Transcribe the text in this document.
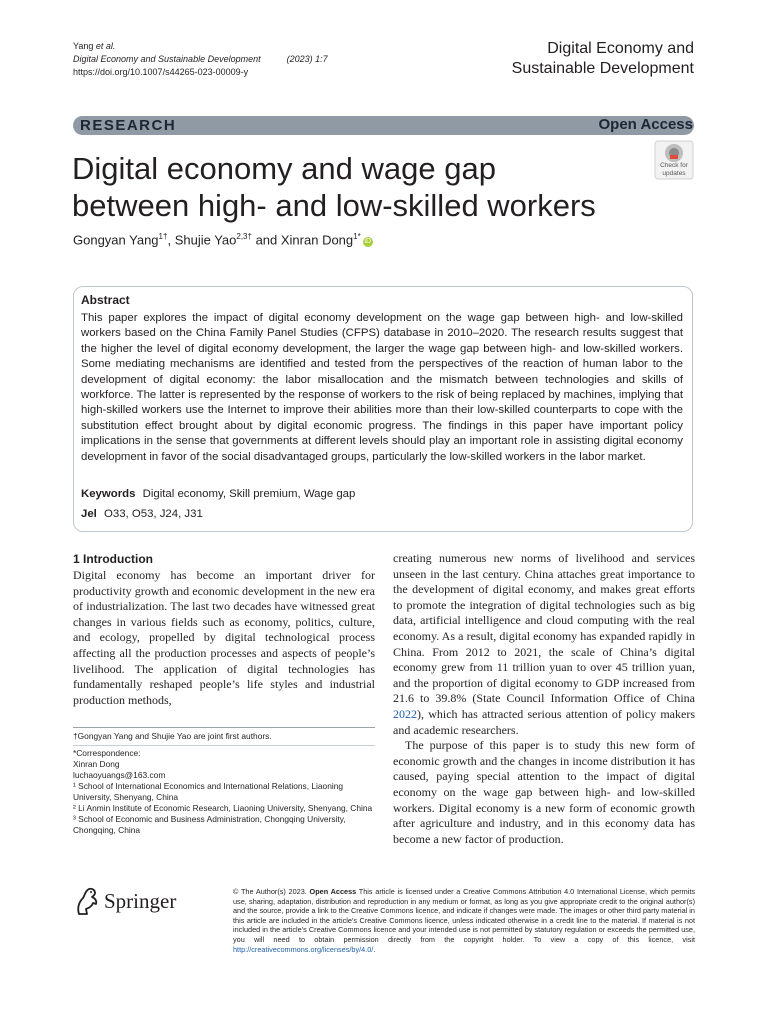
Yang et al.
Digital Economy and Sustainable Development	(2023) 1:7
https://doi.org/10.1007/s44265-023-00009-y
Digital Economy and
Sustainable Development
RESEARCH	Open Access
Digital economy and wage gap
between high- and low-skilled workers
Check for
updates
Gongyan Yang$^{1\dagger}$, Shujie Yao$^{2,3\dagger}$ and Xinran Dong$^{1*}$iD
Abstract
This paper explores the impact of digital economy development on the wage gap between high- and low-skilled workers based on the China Family Panel Studies (CFPS) database in 2010–2020. The research results suggest that the higher the level of digital economy development, the larger the wage gap between high- and low-skilled workers. Some mediating mechanisms are identified and tested from the perspectives of the reaction of human labor to the development of digital economy: the labor misallocation and the mismatch between technologies and skills of workforce. The latter is represented by the response of workers to the risk of being replaced by machines, implying that high-skilled workers use the Internet to improve their abilities more than their low-skilled counterparts to cope with the substitution effect brought about by digital economic progress. The findings in this paper have important policy implications in the sense that governments at different levels should play an important role in assisting digital economy development in favor of the social disadvantaged groups, particularly the low-skilled workers in the labor market.
Keywords Digital economy, Skill premium, Wage gap
Jel O33, O53, J24, J31
1 Introduction

Digital economy has become an important driver for productivity growth and economic development in the new era of industrialization. The last two decades have witnessed great changes in various fields such as economy, politics, culture, and ecology, propelled by digital technological process affecting all the production processes and aspects of people’s livelihood. The application of digital technologies has fundamentally reshaped people’s life styles and industrial production methods,

creating numerous new norms of livelihood and services unseen in the last century. China attaches great importance to the development of digital economy, and makes great efforts to promote the integration of digital technologies such as big data, artificial intelligence and cloud computing with the real economy. As a result, digital economy has expanded rapidly in China. From 2012 to 2021, the scale of China’s digital economy grew from 11 trillion yuan to over 45 trillion yuan, and the proportion of digital economy to GDP increased from 21.6 to 39.8% (State Council Information Office of China 2022), which has attracted serious attention of policy makers and academic researchers.

The purpose of this paper is to study this new form of economic growth and the changes in income distribution it has caused, paying special attention to the impact of digital economy on the wage gap between high- and low-skilled workers. Digital economy is a new form of economic growth after agriculture and industry, and in this economy data has become a new factor of production.

†Gongyan Yang and Shujie Yao are joint first authors.
*Correspondence:
Xinran Dong
luchaoyuangs@163.com
¹ School of International Economics and International Relations, Liaoning University, Shenyang, China
² Li Anmin Institute of Economic Research, Liaoning University, Shenyang, China
³ School of Economic and Business Administration, Chongqing University, Chongqing, China
Springer	© The Author(s) 2023. Open Access This article is licensed under a Creative Commons Attribution 4.0 International License, which permits use, sharing, adaptation, distribution and reproduction in any medium or format, as long as you give appropriate credit to the original author(s) and the source, provide a link to the Creative Commons licence, and indicate if changes were made. The images or other third party material in this article are included in the article’s Creative Commons licence, unless indicated otherwise in a credit line to the material. If material is not included in the article’s Creative Commons licence and your intended use is not permitted by statutory regulation or exceeds the permitted use, you will need to obtain permission directly from the copyright holder. To view a copy of this licence, visit http://creativecommons.org/licenses/by/4.0/.
